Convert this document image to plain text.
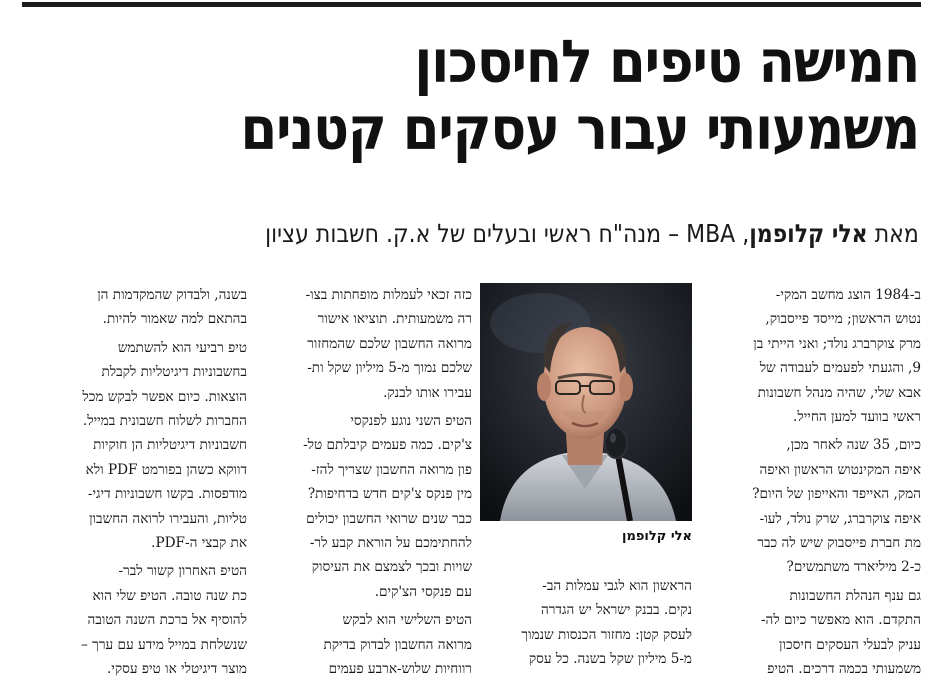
חמישה טיפים לחיסכון
משמעותי עבור עסקים קטנים

מאת אלי קלופמן, MBA – מנה"ח ראשי ובעלים של א.ק. חשבות עציון

ב-1984 הוצג מחשב המקי-
נטוש הראשון; מייסד פייסבוק,
מרק צוקרברג נולד; ואני הייתי בן
9, והגעתי לפעמים לעבודה של
אבא שלי, שהיה מנהל חשבונות
ראשי בוועד למען החייל.
כיום, 35 שנה לאחר מכן,
איפה המקינטוש הראשון ואיפה
המק, האייפד והאייפון של היום?
איפה צוקרברג, שרק נולד, לעו-
מת חברת פייסבוק שיש לה כבר
כ-2 מיליארד משתמשים?
גם ענף הנהלת החשבונות
התקדם. הוא מאפשר כיום לה-
עניק לבעלי העסקים חיסכון
משמעותי בכמה דרכים. הטיפ
אלי קלופמן
הראשון הוא לגבי עמלות הב-
נקים. בבנק ישראל יש הגדרה
לעסק קטן: מחזור הכנסות שנמוך
מ-5 מיליון שקל בשנה. כל עסק
כזה זכאי לעמלות מופחתות בצו-
רה משמעותית. תוציאו אישור
מרואה החשבון שלכם שהמחזור
שלכם נמוך מ-5 מיליון שקל ות-
עבירו אותו לבנק.
הטיפ השני נוגע לפנקסי
צ'קים. כמה פעמים קיבלתם טל-
פון מרואה החשבון שצריך להז-
מין פנקס צ'קים חדש בדחיפות?
כבר שנים שרואי החשבון יכולים
להחתימכם על הוראת קבע לר-
שויות ובכך לצמצם את העיסוק
עם פנקסי הצ'קים.
הטיפ השלישי הוא לבקש
מרואה החשבון לבדוק בדיקת
רווחיות שלוש-ארבע פעמים
בשנה, ולבדוק שהמקדמות הן
בהתאם למה שאמור להיות.
טיפ רביעי הוא להשתמש
בחשבוניות דיגיטליות לקבלת
הוצאות. כיום אפשר לבקש מכל
החברות לשלוח חשבונית במייל.
חשבוניות דיגיטליות הן חוקיות
דווקא כשהן בפורמט PDF ולא
מודפסות. בקשו חשבוניות דיגי-
טליות, והעבירו לרואה החשבון
את קבצי ה-PDF.
הטיפ האחרון קשור לבר-
כת שנה טובה. הטיפ שלי הוא
להוסיף אל ברכת השנה הטובה
שנשלחת במייל מידע עם ערך –
מוצר דיגיטלי או טיפ עסקי.
